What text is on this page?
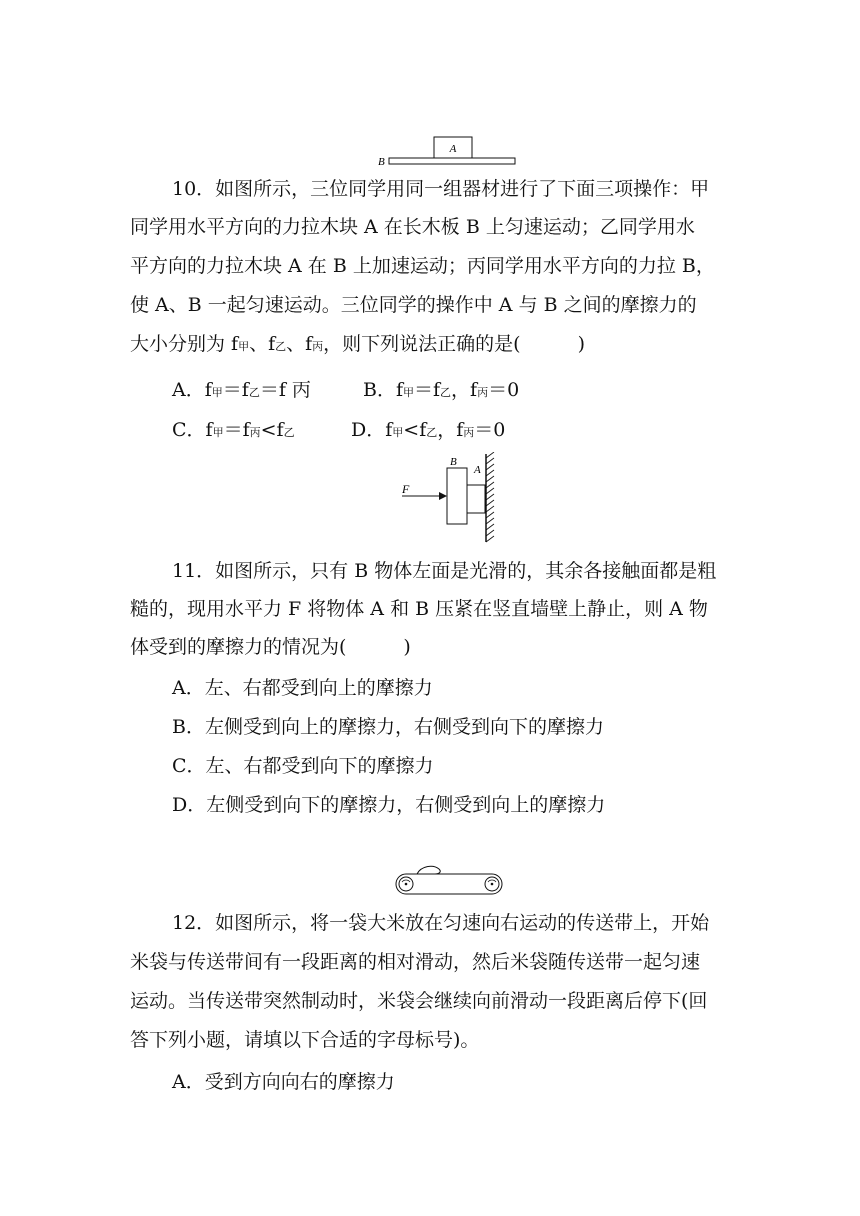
A
B
10．如图所示，三位同学用同一组器材进行了下面三项操作：甲
同学用水平方向的力拉木块 A 在长木板 B 上匀速运动；乙同学用水
平方向的力拉木块 A 在 B 上加速运动；丙同学用水平方向的力拉 B，
使 A、B 一起匀速运动。三位同学的操作中 A 与 B 之间的摩擦力的
大小分别为 f甲、f乙、f丙，则下列说法正确的是(　　　)
A．f甲＝f乙＝f 丙	B．f甲＝f乙，f丙＝0
C．f甲＝f丙<f乙	D．f甲<f乙，f丙＝0
F
B
A
11．如图所示，只有 B 物体左面是光滑的，其余各接触面都是粗
糙的，现用水平力 F 将物体 A 和 B 压紧在竖直墙壁上静止，则 A 物
体受到的摩擦力的情况为(　　　)
A．左、右都受到向上的摩擦力
B．左侧受到向上的摩擦力，右侧受到向下的摩擦力
C．左、右都受到向下的摩擦力
D．左侧受到向下的摩擦力，右侧受到向上的摩擦力
12．如图所示，将一袋大米放在匀速向右运动的传送带上，开始
米袋与传送带间有一段距离的相对滑动，然后米袋随传送带一起匀速
运动。当传送带突然制动时，米袋会继续向前滑动一段距离后停下(回
答下列小题，请填以下合适的字母标号)。
A．受到方向向右的摩擦力
